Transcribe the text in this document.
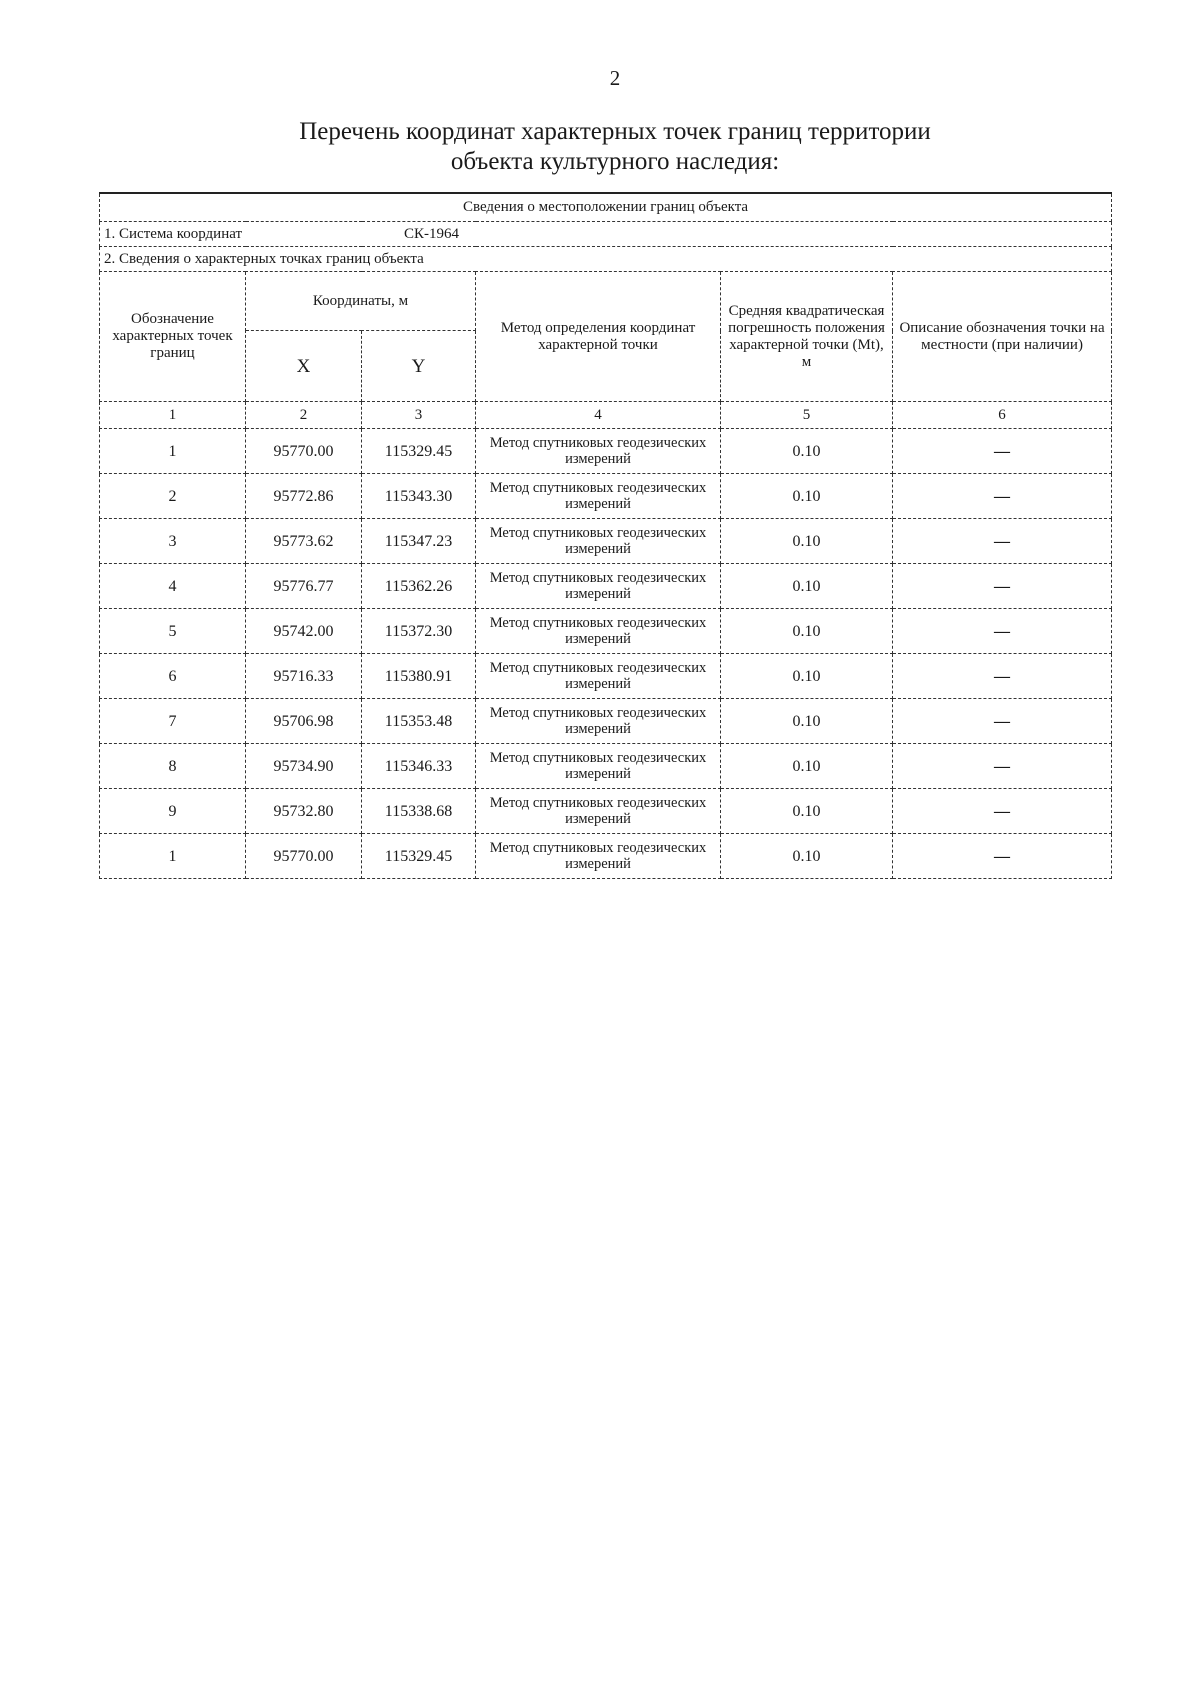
2
Перечень координат характерных точек границ территории
объекта культурного наследия:
Сведения о местоположении границ объекта					
1. Система координат СК-1964					
2. Сведения о характерных точках границ объекта					
Обозначение характерных точек границ	Координаты, м		Метод определения координат характерной точки	Средняя квадратическая погрешность положения характерной точки (Mt), м	Описание обозначения точки на местности (при наличии)
	X	Y			
1	2	3	4	5	6
1	95770.00	115329.45	Метод спутниковых геодезических измерений	0.10	—
2	95772.86	115343.30	Метод спутниковых геодезических измерений	0.10	—
3	95773.62	115347.23	Метод спутниковых геодезических измерений	0.10	—
4	95776.77	115362.26	Метод спутниковых геодезических измерений	0.10	—
5	95742.00	115372.30	Метод спутниковых геодезических измерений	0.10	—
6	95716.33	115380.91	Метод спутниковых геодезических измерений	0.10	—
7	95706.98	115353.48	Метод спутниковых геодезических измерений	0.10	—
8	95734.90	115346.33	Метод спутниковых геодезических измерений	0.10	—
9	95732.80	115338.68	Метод спутниковых геодезических измерений	0.10	—
1	95770.00	115329.45	Метод спутниковых геодезических измерений	0.10	—
